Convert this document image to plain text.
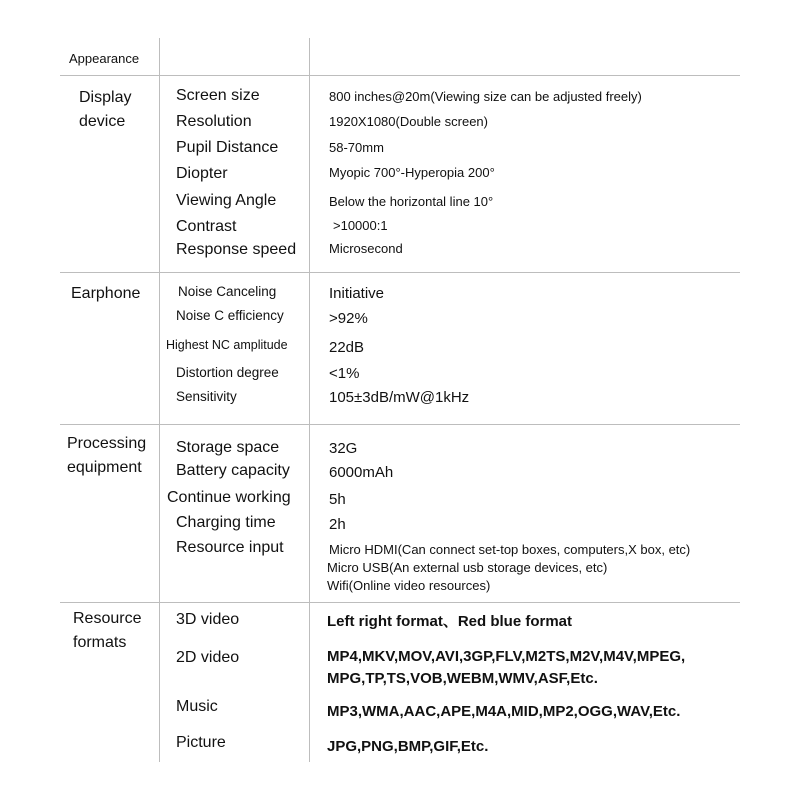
Appearance
Display
device
Screen size	800 inches@20m(Viewing size can be adjusted freely)
Resolution	1920X1080(Double screen)
Pupil Distance	58-70mm
Diopter	Myopic 700°-Hyperopia 200°
Viewing Angle	Below the horizontal line 10°
Contrast	>10000:1
Response speed	Microsecond
Earphone	Noise Canceling	Initiative
Noise C efficiency	>92%
Highest NC amplitude	22dB
Distortion degree	<1%
Sensitivity	105±3dB/mW@1kHz
Processing
equipment
Storage space	32G
Battery capacity	6000mAh
Continue working	5h
Charging time	2h
Resource input	Micro HDMI(Can connect set-top boxes, computers,X box, etc)
Micro USB(An external usb storage devices, etc)
Wifi(Online video resources)
Resource
formats
3D video	Left right format、Red blue format
2D video	MP4,MKV,MOV,AVI,3GP,FLV,M2TS,M2V,M4V,MPEG,
MPG,TP,TS,VOB,WEBM,WMV,ASF,Etc.
Music	MP3,WMA,AAC,APE,M4A,MID,MP2,OGG,WAV,Etc.
Picture	JPG,PNG,BMP,GIF,Etc.
